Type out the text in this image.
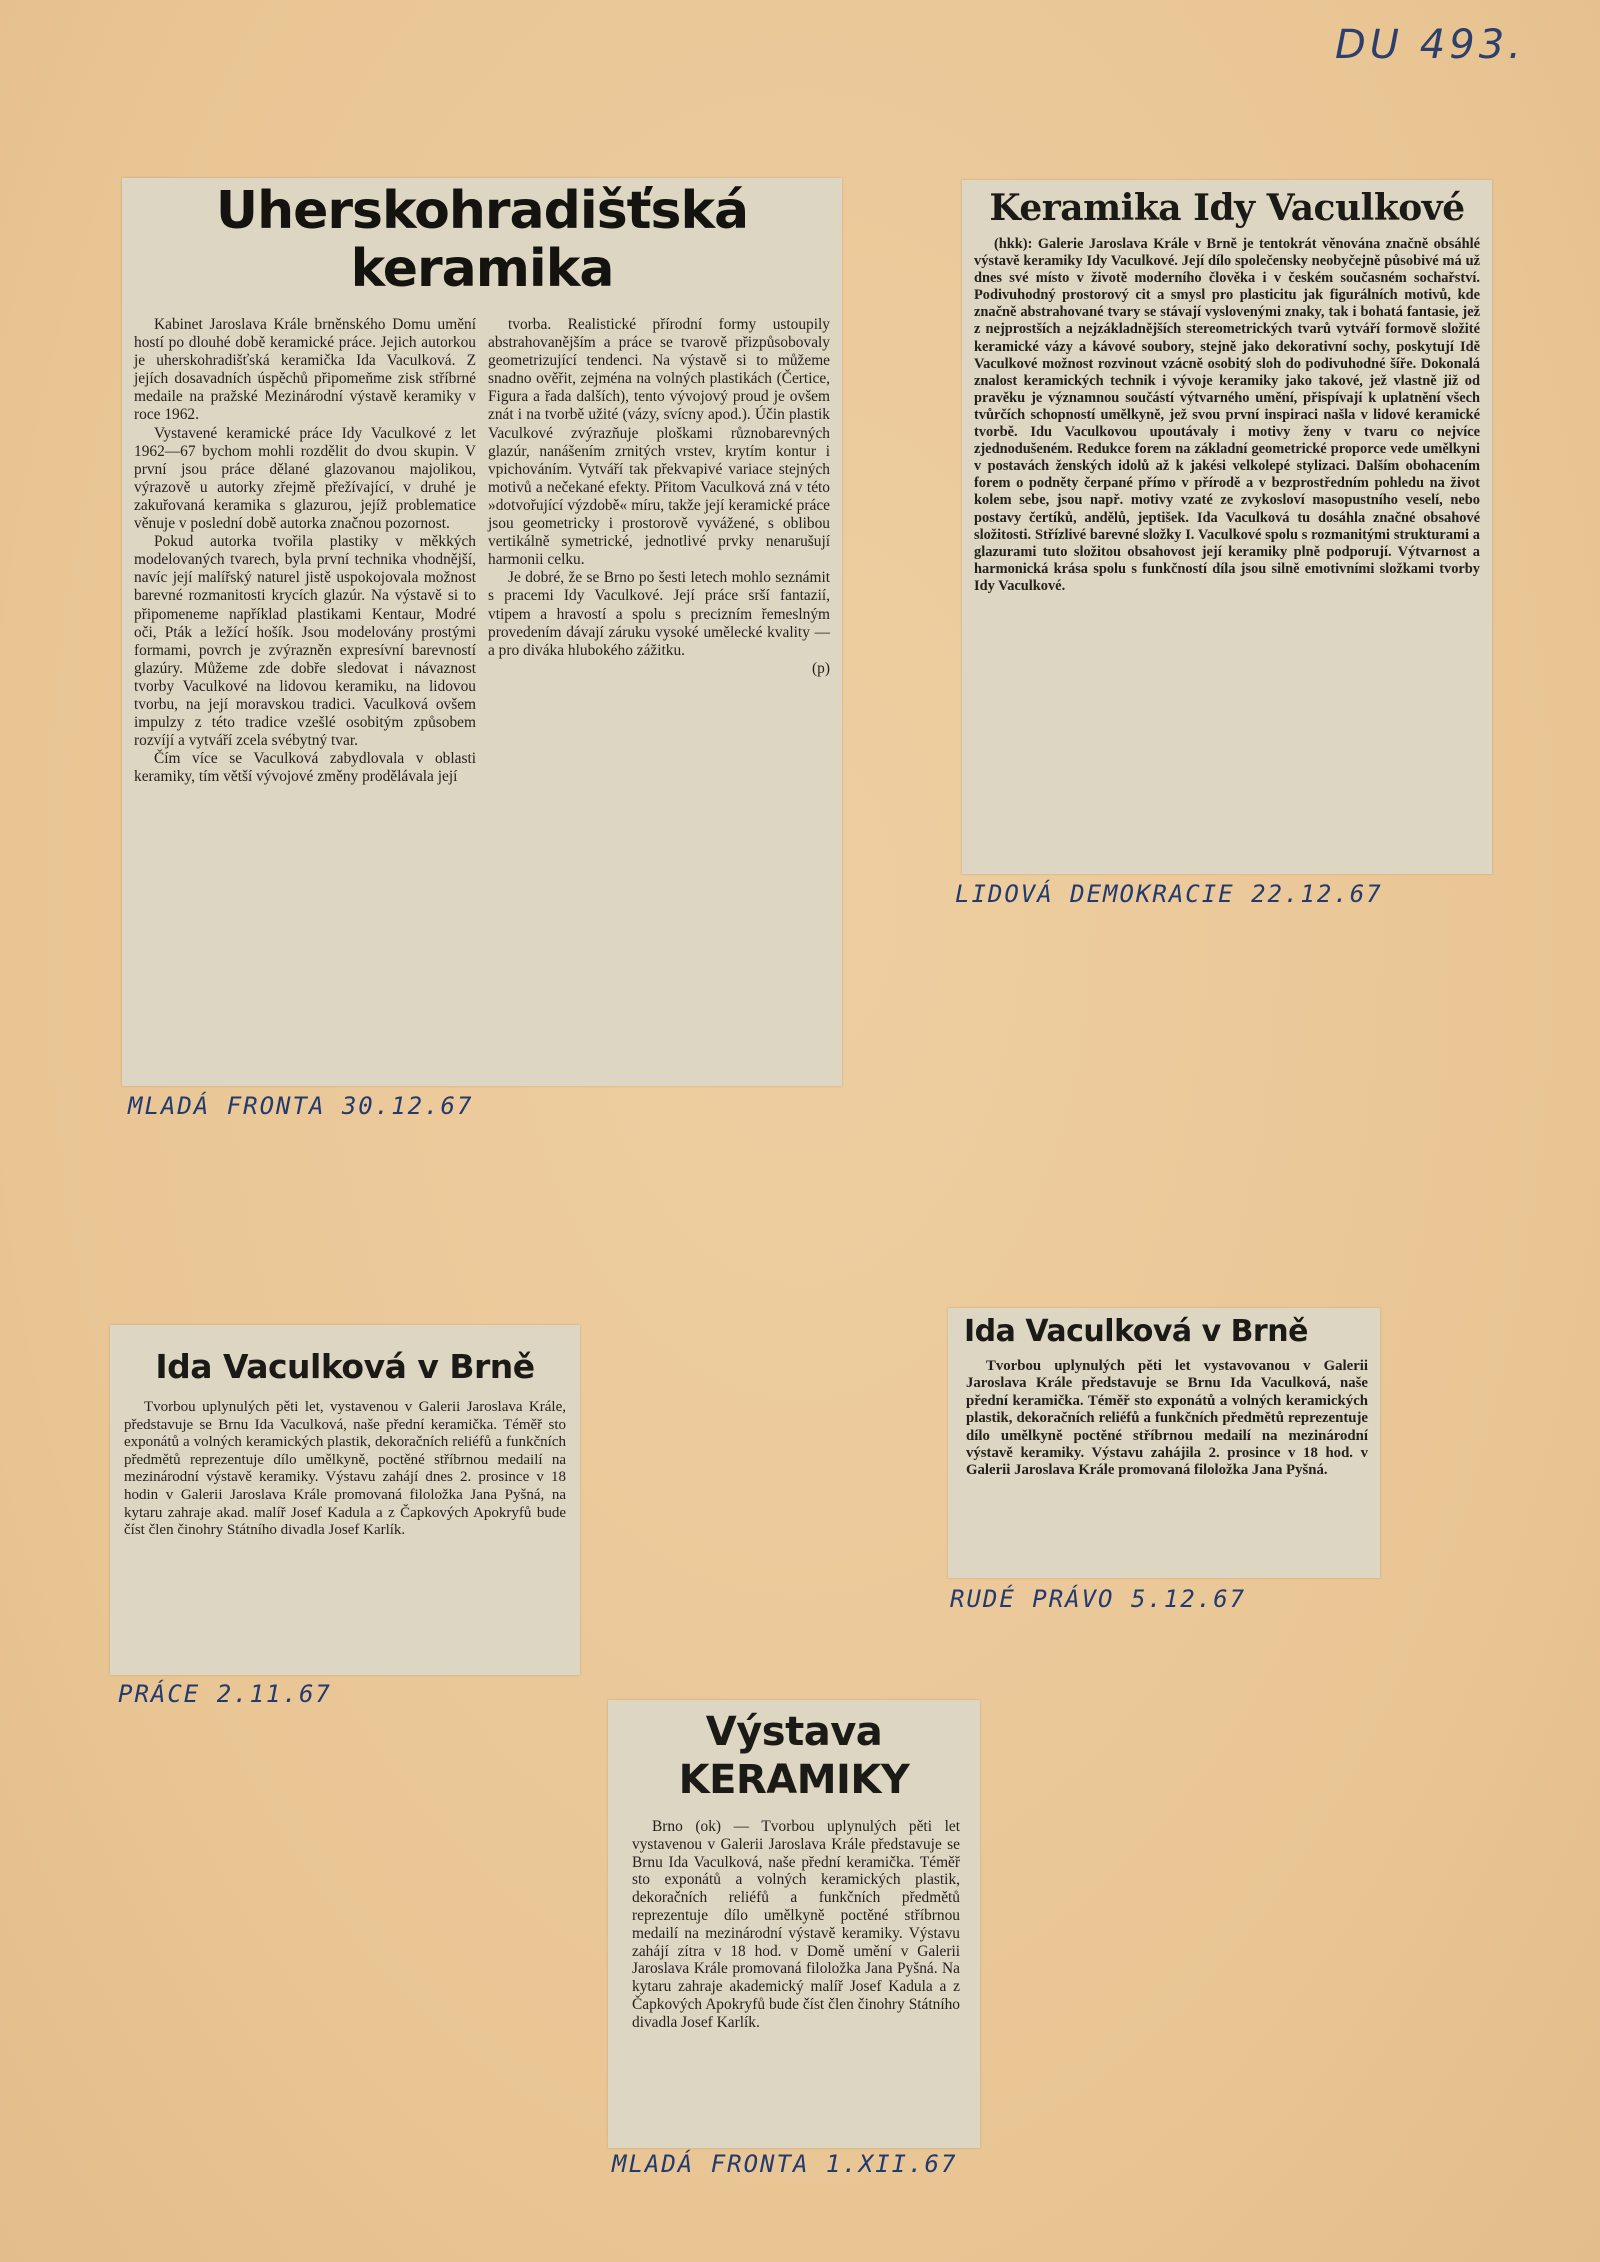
DU 493.
Uherskohradišťská keramika

Kabinet Jaroslava Krále brněnského Domu umění hostí po dlouhé době keramické práce. Jejich autorkou je uherskohradišťská keramička Ida Vaculková. Z jejích dosavadních úspěchů připomeňme zisk stříbrné medaile na pražské Mezinárodní výstavě keramiky v roce 1962.

Vystavené keramické práce Idy Vaculkové z let 1962—67 bychom mohli rozdělit do dvou skupin. V první jsou práce dělané glazovanou majolikou, výrazově u autorky zřejmě přežívající, v druhé je zakuřovaná keramika s glazurou, jejíž problematice věnuje v poslední době autorka značnou pozornost.

Pokud autorka tvořila plastiky v měkkých modelovaných tvarech, byla první technika vhodnější, navíc její malířský naturel jistě uspokojovala možnost barevné rozmanitosti krycích glazúr. Na výstavě si to připomeneme například plastikami Kentaur, Modré oči, Pták a ležící hošík. Jsou modelovány prostými formami, povrch je zvýrazněn expresívní barevností glazúry. Můžeme zde dobře sledovat i návaznost tvorby Vaculkové na lidovou keramiku, na lidovou tvorbu, na její moravskou tradici. Vaculková ovšem impulzy z této tradice vzešlé osobitým způsobem rozvíjí a vytváří zcela svébytný tvar.

Čím více se Vaculková zabydlovala v oblasti keramiky, tím větší vývojové změny prodělávala její

tvorba. Realistické přírodní formy ustoupily abstrahovanějším a práce se tvarově přizpůsobovaly geometrizující tendenci. Na výstavě si to můžeme snadno ověřit, zejména na volných plastikách (Čertice, Figura a řada dalších), tento vývojový proud je ovšem znát i na tvorbě užité (vázy, svícny apod.). Účin plastik Vaculkové zvýrazňuje ploškami různobarevných glazúr, nanášením zrnitých vrstev, krytím kontur i vpichováním. Vytváří tak překvapivé variace stejných motivů a nečekané efekty. Přitom Vaculková zná v této »dotvořující výzdobě« míru, takže její keramické práce jsou geometricky i prostorově vyvážené, s oblibou vertikálně symetrické, jednotlivé prvky nenarušují harmonii celku.

Je dobré, že se Brno po šesti letech mohlo seznámit s pracemi Idy Vaculkové. Její práce srší fantazií, vtipem a hravostí a spolu s precizním řemeslným provedením dávají záruku vysoké umělecké kvality — a pro diváka hlubokého zážitku.

(p)

MLADÁ FRONTA 30.12.67
Keramika Idy Vaculkové

(hkk): Galerie Jaroslava Krále v Brně je tentokrát věnována značně obsáhlé výstavě keramiky Idy Vaculkové. Její dílo společensky neobyčejně působivé má už dnes své místo v životě moderního člověka i v českém současném sochařství. Podivuhodný prostorový cit a smysl pro plasticitu jak figurálních motivů, kde značně abstrahované tvary se stávají vyslovenými znaky, tak i bohatá fantasie, jež z nejprostších a nejzákladnějších stereometrických tvarů vytváří formově složité keramické vázy a kávové soubory, stejně jako dekorativní sochy, poskytují Idě Vaculkové možnost rozvinout vzácně osobitý sloh do podivuhodné šíře. Dokonalá znalost keramických technik i vývoje keramiky jako takové, jež vlastně již od pravěku je významnou součástí výtvarného umění, přispívají k uplatnění všech tvůrčích schopností umělkyně, jež svou první inspiraci našla v lidové keramické tvorbě. Idu Vaculkovou upoutávaly i motivy ženy v tvaru co nejvíce zjednodušeném. Redukce forem na základní geometrické proporce vede umělkyni v postavách ženských idolů až k jakési velkolepé stylizaci. Dalším obohacením forem o podněty čerpané přímo v přírodě a v bezprostředním pohledu na život kolem sebe, jsou např. motivy vzaté ze zvykosloví masopustního veselí, nebo postavy čertíků, andělů, jeptišek. Ida Vaculková tu dosáhla značné obsahové složitosti. Střízlivé barevné složky I. Vaculkové spolu s rozmanitými strukturami a glazurami tuto složitou obsahovost její keramiky plně podporují. Výtvarnost a harmonická krása spolu s funkčností díla jsou silně emotivními složkami tvorby Idy Vaculkové.

LIDOVÁ DEMOKRACIE 22.12.67
Ida Vaculková v Brně

Tvorbou uplynulých pěti let, vystavenou v Galerii Jaroslava Krále, představuje se Brnu Ida Vaculková, naše přední keramička. Téměř sto exponátů a volných keramických plastik, dekoračních reliéfů a funkčních předmětů reprezentuje dílo umělkyně, poctěné stříbrnou medailí na mezinárodní výstavě keramiky. Výstavu zahájí dnes 2. prosince v 18 hodin v Galerii Jaroslava Krále promovaná filoložka Jana Pyšná, na kytaru zahraje akad. malíř Josef Kadula a z Čapkových Apokryfů bude číst člen činohry Státního divadla Josef Karlík.

PRÁCE 2.11.67
Ida Vaculková v Brně

Tvorbou uplynulých pěti let vystavovanou v Galerii Jaroslava Krále představuje se Brnu Ida Vaculková, naše přední keramička. Téměř sto exponátů a volných keramických plastik, dekoračních reliéfů a funkčních předmětů reprezentuje dílo umělkyně poctěné stříbrnou medailí na mezinárodní výstavě keramiky. Výstavu zahájila 2. prosince v 18 hod. v Galerii Jaroslava Krále promovaná filoložka Jana Pyšná.

RUDÉ PRÁVO 5.12.67
Výstava KERAMIKY

Brno (ok) — Tvorbou uplynulých pěti let vystavenou v Galerii Jaroslava Krále představuje se Brnu Ida Vaculková, naše přední keramička. Téměř sto exponátů a volných keramických plastik, dekoračních reliéfů a funkčních předmětů reprezentuje dílo umělkyně poctěné stříbrnou medailí na mezinárodní výstavě keramiky. Výstavu zahájí zítra v 18 hod. v Domě umění v Galerii Jaroslava Krále promovaná filoložka Jana Pyšná. Na kytaru zahraje akademický malíř Josef Kadula a z Čapkových Apokryfů bude číst člen činohry Státního divadla Josef Karlík.

MLADÁ FRONTA 1.XII.67
